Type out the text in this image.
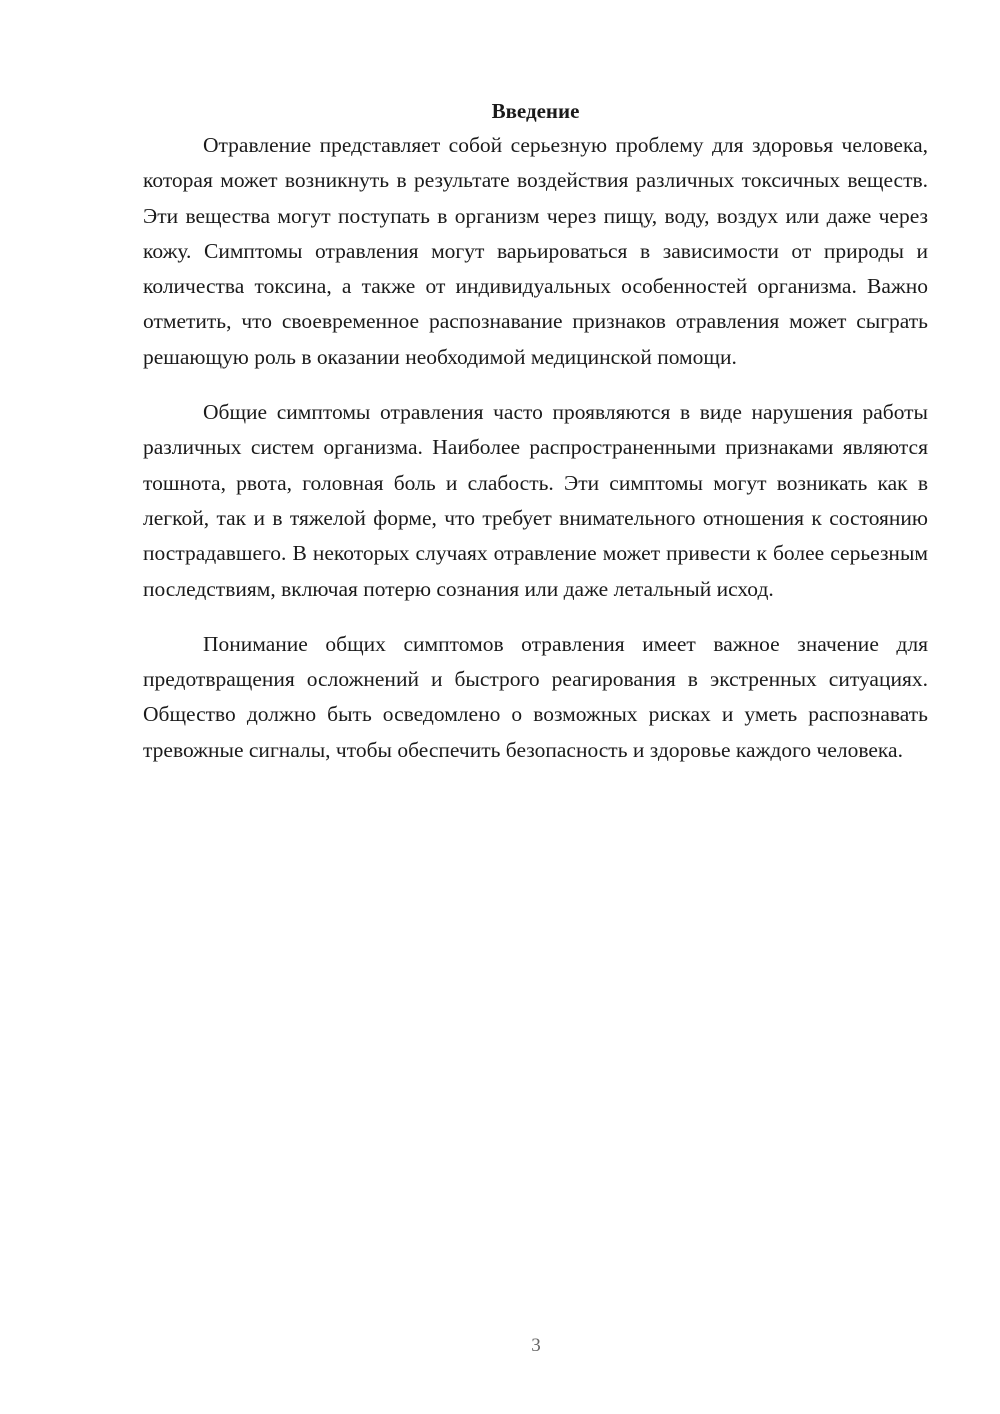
Введение

Отравление представляет собой серьезную проблему для здоровья человека, которая может возникнуть в результате воздействия различных токсичных веществ. Эти вещества могут поступать в организм через пищу, воду, воздух или даже через кожу. Симптомы отравления могут варьироваться в зависимости от природы и количества токсина, а также от индивидуальных особенностей организма. Важно отметить, что своевременное распознавание признаков отравления может сыграть решающую роль в оказании необходимой медицинской помощи.

Общие симптомы отравления часто проявляются в виде нарушения работы различных систем организма. Наиболее распространенными признаками являются тошнота, рвота, головная боль и слабость. Эти симптомы могут возникать как в легкой, так и в тяжелой форме, что требует внимательного отношения к состоянию пострадавшего. В некоторых случаях отравление может привести к более серьезным последствиям, включая потерю сознания или даже летальный исход.

Понимание общих симптомов отравления имеет важное значение для предотвращения осложнений и быстрого реагирования в экстренных ситуациях. Общество должно быть осведомлено о возможных рисках и уметь распознавать тревожные сигналы, чтобы обеспечить безопасность и здоровье каждого человека.

3
